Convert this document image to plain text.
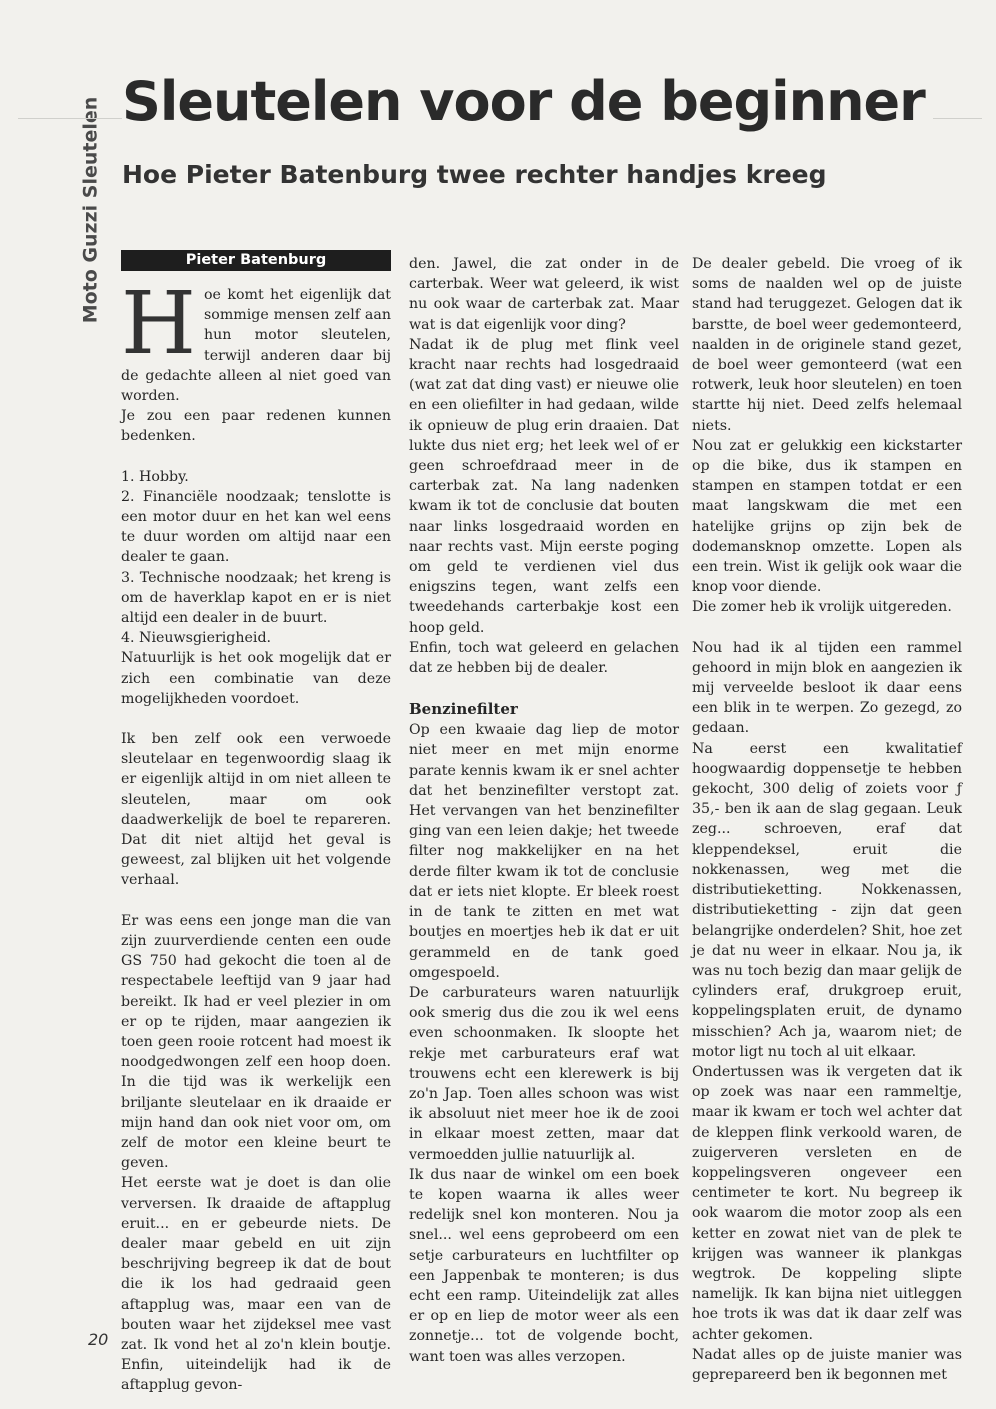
Moto Guzzi Sleutelen Sleutelen voor de beginner
Hoe Pieter Batenburg twee rechter handjes kreeg
Pieter Batenburg
H oe komt het eigenlijk dat sommige mensen zelf aan hun motor sleutelen, terwijl anderen daar bij de gedachte alleen al niet goed van worden.

Je zou een paar redenen kunnen bedenken.

1. Hobby.

2. Financiële noodzaak; tenslotte is een motor duur en het kan wel eens te duur worden om altijd naar een dealer te gaan.

3. Technische noodzaak; het kreng is om de haverklap kapot en er is niet altijd een dealer in de buurt.

4. Nieuwsgierigheid.

Natuurlijk is het ook mogelijk dat er zich een combinatie van deze mogelijkheden voordoet.

Ik ben zelf ook een verwoede sleutelaar en tegenwoordig slaag ik er eigenlijk altijd in om niet alleen te sleutelen, maar om ook daadwerkelijk de boel te repareren. Dat dit niet altijd het geval is geweest, zal blijken uit het volgende verhaal.

Er was eens een jonge man die van zijn zuurverdiende centen een oude GS 750 had gekocht die toen al de respectabele leeftijd van 9 jaar had bereikt. Ik had er veel plezier in om er op te rijden, maar aangezien ik toen geen rooie rotcent had moest ik noodgedwongen zelf een hoop doen. In die tijd was ik werkelijk een briljante sleutelaar en ik draaide er mijn hand dan ook niet voor om, om zelf de motor een kleine beurt te geven.

Het eerste wat je doet is dan olie verversen. Ik draaide de aftapplug eruit... en er gebeurde niets. De dealer maar gebeld en uit zijn beschrijving begreep ik dat de bout die ik los had gedraaid geen aftapplug was, maar een van de bouten waar het zijdeksel mee vast zat. Ik vond het al zo'n klein boutje. Enfin, uiteindelijk had ik de aftapplug gevon-

den. Jawel, die zat onder in de carterbak. Weer wat geleerd, ik wist nu ook waar de carterbak zat. Maar wat is dat eigenlijk voor ding?

Nadat ik de plug met flink veel kracht naar rechts had losgedraaid (wat zat dat ding vast) er nieuwe olie en een oliefilter in had gedaan, wilde ik opnieuw de plug erin draaien. Dat lukte dus niet erg; het leek wel of er geen schroefdraad meer in de carterbak zat. Na lang nadenken kwam ik tot de conclusie dat bouten naar links losgedraaid worden en naar rechts vast. Mijn eerste poging om geld te verdienen viel dus enigszins tegen, want zelfs een tweedehands carterbakje kost een hoop geld.

Enfin, toch wat geleerd en gelachen dat ze hebben bij de dealer.

Benzinefilter

Op een kwaaie dag liep de motor niet meer en met mijn enorme parate kennis kwam ik er snel achter dat het benzinefilter verstopt zat. Het vervangen van het benzinefilter ging van een leien dakje; het tweede filter nog makkelijker en na het derde filter kwam ik tot de conclusie dat er iets niet klopte. Er bleek roest in de tank te zitten en met wat boutjes en moertjes heb ik dat er uit gerammeld en de tank goed omgespoeld.

De carburateurs waren natuurlijk ook smerig dus die zou ik wel eens even schoonmaken. Ik sloopte het rekje met carburateurs eraf wat trouwens echt een klerewerk is bij zo'n Jap. Toen alles schoon was wist ik absoluut niet meer hoe ik de zooi in elkaar moest zetten, maar dat vermoedden jullie natuurlijk al.

Ik dus naar de winkel om een boek te kopen waarna ik alles weer redelijk snel kon monteren. Nou ja snel... wel eens geprobeerd om een setje carburateurs en luchtfilter op een Jappenbak te monteren; is dus echt een ramp. Uiteindelijk zat alles er op en liep de motor weer als een zonnetje... tot de volgende bocht, want toen was alles verzopen.

De dealer gebeld. Die vroeg of ik soms de naalden wel op de juiste stand had teruggezet. Gelogen dat ik barstte, de boel weer gedemonteerd, naalden in de originele stand gezet, de boel weer gemonteerd (wat een rotwerk, leuk hoor sleutelen) en toen startte hij niet. Deed zelfs helemaal niets.

Nou zat er gelukkig een kickstarter op die bike, dus ik stampen en stampen en stampen totdat er een maat langskwam die met een hatelijke grijns op zijn bek de dodemansknop omzette. Lopen als een trein. Wist ik gelijk ook waar die knop voor diende.

Die zomer heb ik vrolijk uitgereden.

Nou had ik al tijden een rammel gehoord in mijn blok en aangezien ik mij verveelde besloot ik daar eens een blik in te werpen. Zo gezegd, zo gedaan.

Na eerst een kwalitatief hoogwaardig doppensetje te hebben gekocht, 300 delig of zoiets voor ƒ 35,- ben ik aan de slag gegaan. Leuk zeg... schroeven, eraf dat kleppendeksel, eruit die nokkenassen, weg met die distributieketting. Nokkenassen, distributieketting - zijn dat geen belangrijke onderdelen? Shit, hoe zet je dat nu weer in elkaar. Nou ja, ik was nu toch bezig dan maar gelijk de cylinders eraf, drukgroep eruit, koppelingsplaten eruit, de dynamo misschien? Ach ja, waarom niet; de motor ligt nu toch al uit elkaar.

Ondertussen was ik vergeten dat ik op zoek was naar een rammeltje, maar ik kwam er toch wel achter dat de kleppen flink verkoold waren, de zuigerveren versleten en de koppelingsveren ongeveer een centimeter te kort. Nu begreep ik ook waarom die motor zoop als een ketter en zowat niet van de plek te krijgen was wanneer ik plankgas wegtrok. De koppeling slipte namelijk. Ik kan bijna niet uitleggen hoe trots ik was dat ik daar zelf was achter gekomen.

Nadat alles op de juiste manier was geprepareerd ben ik begonnen met

20
